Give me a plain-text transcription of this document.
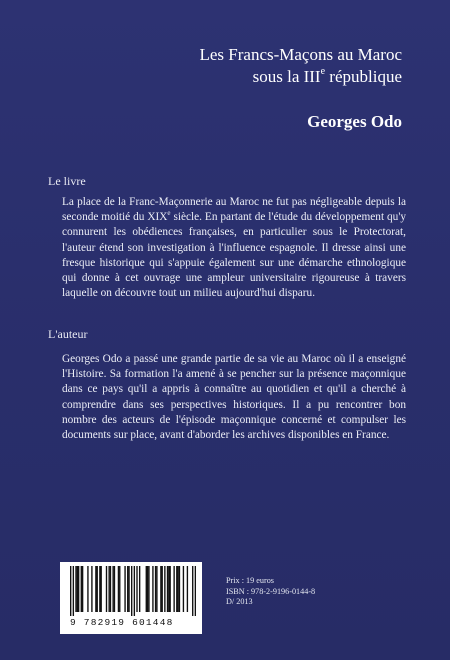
Les Francs-Maçons au Maroc
sous la IIIe république
Georges Odo
Le livre
La place de la Franc-Maçonnerie au Maroc ne fut pas négligeable depuis la seconde moitié du XIXe siècle. En partant de l'étude du développement qu'y connurent les obédiences françaises, en particulier sous le Protectorat, l'auteur étend son investigation à l'influence espagnole. Il dresse ainsi une fresque historique qui s'appuie également sur une démarche ethnologique qui donne à cet ouvrage une ampleur universitaire rigoureuse à travers laquelle on découvre tout un milieu aujourd'hui disparu.
L'auteur
Georges Odo a passé une grande partie de sa vie au Maroc où il a enseigné l'Histoire. Sa formation l'a amené à se pencher sur la présence maçonnique dans ce pays qu'il a appris à connaître au quotidien et qu'il a cherché à comprendre dans ses perspectives historiques. Il a pu rencontrer bon nombre des acteurs de l'épisode maçonnique concerné et compulser les documents sur place, avant d'aborder les archives disponibles en France.
9 782919 601448
Prix : 19 euros
ISBN : 978-2-9196-0144-8
D/ 2013
